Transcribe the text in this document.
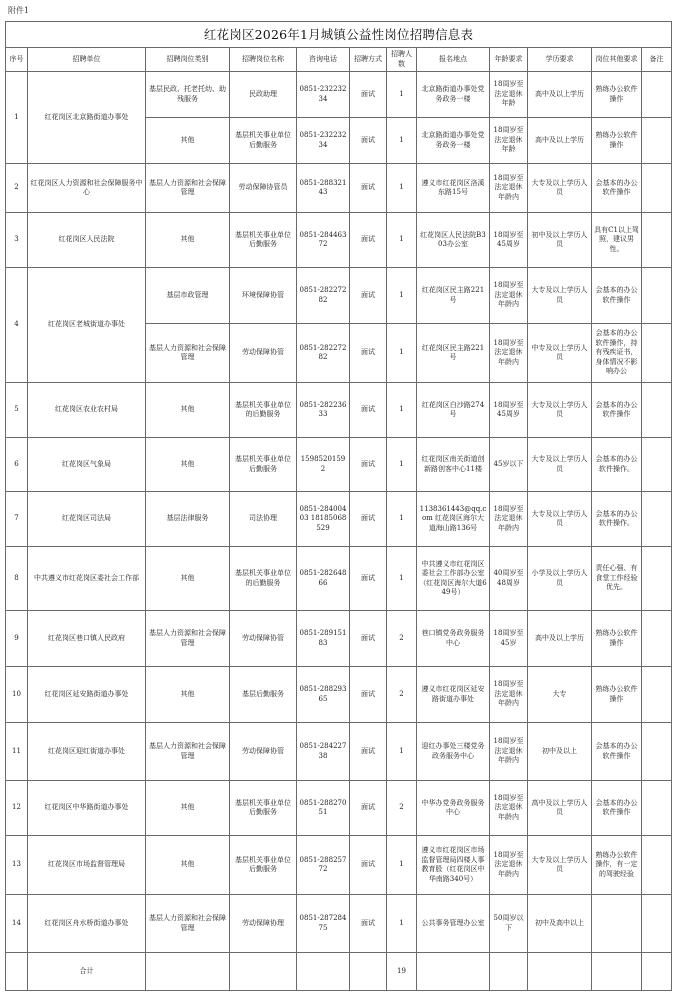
附件1
红花岗区2026年1月城镇公益性岗位招聘信息表											
序号	招聘单位	招聘岗位类别	招聘岗位名称	咨询电话	招聘方式	招聘人数	报名地点	年龄要求	学历要求	岗位其他要求	备注
1	红花岗区北京路街道办事处	基层民政、托老托幼、助残服务	民政助理	0851-23223234	面试	1	北京路街道办事处党务政务一楼	18周岁至法定退休年龄	高中及以上学历	熟练办公软件操作	
		其他	基层机关事业单位后勤服务	0851-23223234	面试	1	北京路街道办事处党务政务一楼	18周岁至法定退休年龄	高中及以上学历	熟练办公软件操作	
2	红花岗区人力资源和社会保障服务中心	基层人力资源和社会保障管理	劳动保障协管员	0851-28832143	面试	1	遵义市红花岗区洛溪东路15号	18周岁至法定退休年龄内	大专及以上学历人员	会基本的办公软件操作	
3	红花岗区人民法院	其他	基层机关事业单位后勤服务	0851-28446372	面试	1	红花岗区人民法院B303办公室	18周岁至45周岁	初中及以上学历人员	具有C1以上驾照，建议男性。	
4	红花岗区老城街道办事处	基层市政管理	环境保障协管	0851-28227282	面试	1	红花岗区民主路221号	18周岁至法定退休年龄内	大专及以上学历人员	会基本的办公软件操作	
		基层人力资源和社会保障管理	劳动保障协管	0851-28227282	面试	1	红花岗区民主路221号	18周岁至法定退休年龄内	中专及以上学历人员	会基本的办公软件操作，持有残疾证书，身体情况不影响办公	
5	红花岗区农业农村局	其他	基层机关事业单位的后勤服务	0851-28223633	面试	1	红花岗区白沙路274号	18周岁至45周岁	大专及以上学历人员	会基本的办公软件操作	
6	红花岗区气象局	其他	基层机关事业单位后勤服务	15985201592	面试	1	红花岗区南关街道创新路创客中心11楼	45岁以下	大专及以上学历人员	会基本的办公软件操作。	
7	红花岗区司法局	基层法律服务	司法协理	0851-28400403 18185068529	面试	1	1138361443@qq.com 红花岗区海尔大道海山路136号	18周岁至法定退休年龄内	大专及以上学历人员	会基本的办公软件操作。	
8	中共遵义市红花岗区委社会工作部	其他	基层机关事业单位的后勤服务	0851-28264866	面试	1	中共遵义市红花岗区委社会工作部办公室（红花岗区海尔大道649号）	40周岁至48周岁	小学及以上学历人员	责任心强、有食堂工作经验优先。	
9	红花岗区巷口镇人民政府	基层人力资源和社会保障管理	劳动保障协管	0851-28915183	面试	2	巷口镇党务政务服务中心	18周岁至45岁	高中及以上学历	熟练办公软件操作	
10	红花岗区延安路街道办事处	其他	基层后勤服务	0851-28829365	面试	2	遵义市红花岗区延安路街道办事处	18周岁至法定退休年龄内	大专	熟练办公软件操作	
11	红花岗区迎红街道办事处	基层人力资源和社会保障管理	劳动保障协管	0851-28422738	面试	1	迎红办事处三楼党务政务服务中心	18周岁至法定退休年龄内	初中及以上	会基本的办公软件操作	
12	红花岗区中华路街道办事处	其他	基层机关事业单位后勤服务	0851-28827051	面试	2	中华办党务政务服务中心	18周岁至法定退休年龄内	高中及以上学历人员	会基本的办公软件操作	
13	红花岗区市场监督管理局	其他	基层机关事业单位后勤服务	0851-28825772	面试	1	遵义市红花岗区市场监督管理局四楼人事教育股（红花岗区中华南路340号）	18周岁至法定退休年龄内	大专及以上学历人员	熟练办公软件操作，有一定的驾驶经验	
14	红花岗区舟水桥街道办事处	基层人力资源和社会保障管理	劳动保障协理	0851-28728475	面试	1	公共事务管理办公室	50周岁以下	初中及高中以上		
	合计					19					
